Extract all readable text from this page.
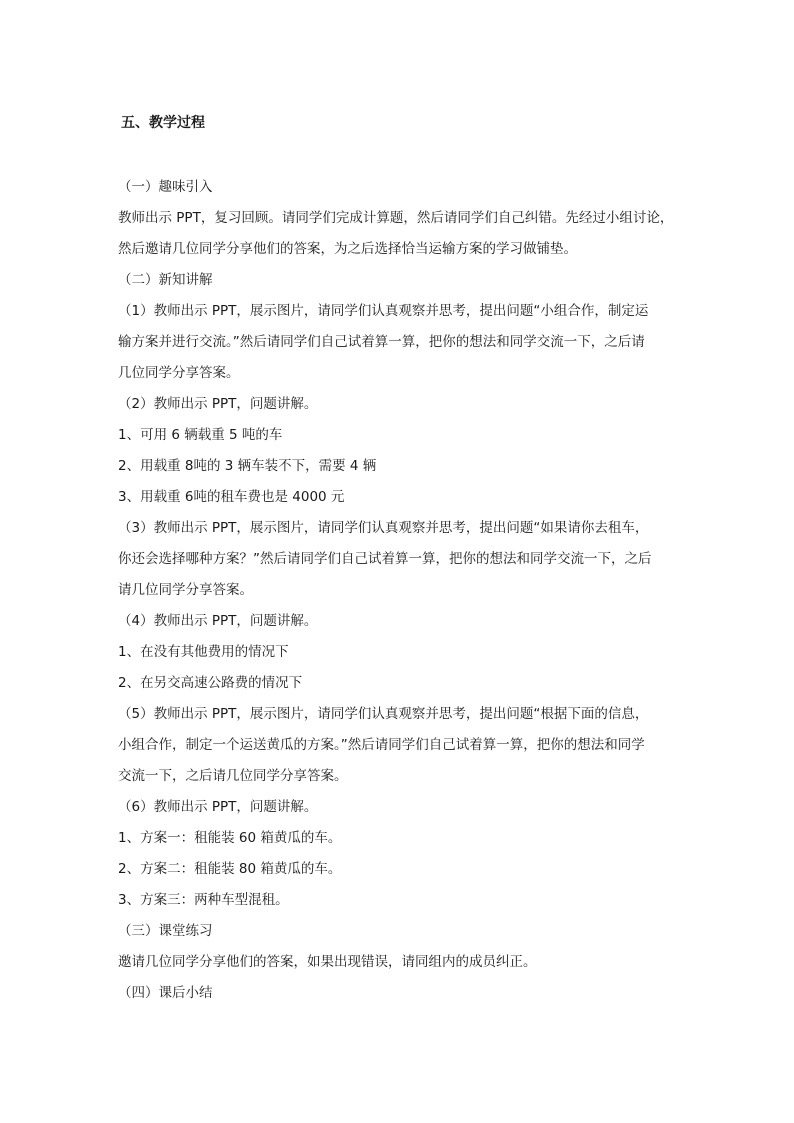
五、教学过程
（一）趣味引入
教师出示 PPT，复习回顾。请同学们完成计算题，然后请同学们自己纠错。先经过小组讨论，
然后邀请几位同学分享他们的答案，为之后选择恰当运输方案的学习做铺垫。
（二）新知讲解
（1）教师出示 PPT，展示图片，请同学们认真观察并思考，提出问题“小组合作，制定运
输方案并进行交流。”然后请同学们自己试着算一算，把你的想法和同学交流一下，之后请
几位同学分享答案。
（2）教师出示 PPT，问题讲解。
1、可用 6 辆载重 5 吨的车
2、用载重 8吨的 3 辆车装不下，需要 4 辆
3、用载重 6吨的租车费也是 4000 元
（3）教师出示 PPT，展示图片，请同学们认真观察并思考，提出问题“如果请你去租车，
你还会选择哪种方案？”然后请同学们自己试着算一算，把你的想法和同学交流一下，之后
请几位同学分享答案。
（4）教师出示 PPT，问题讲解。
1、在没有其他费用的情况下
2、在另交高速公路费的情况下
（5）教师出示 PPT，展示图片，请同学们认真观察并思考，提出问题“根据下面的信息，
小组合作，制定一个运送黄瓜的方案。”然后请同学们自己试着算一算，把你的想法和同学
交流一下，之后请几位同学分享答案。
（6）教师出示 PPT，问题讲解。
1、方案一：租能装 60 箱黄瓜的车。
2、方案二：租能装 80 箱黄瓜的车。
3、方案三：两种车型混租。
（三）课堂练习
邀请几位同学分享他们的答案，如果出现错误，请同组内的成员纠正。
（四）课后小结
